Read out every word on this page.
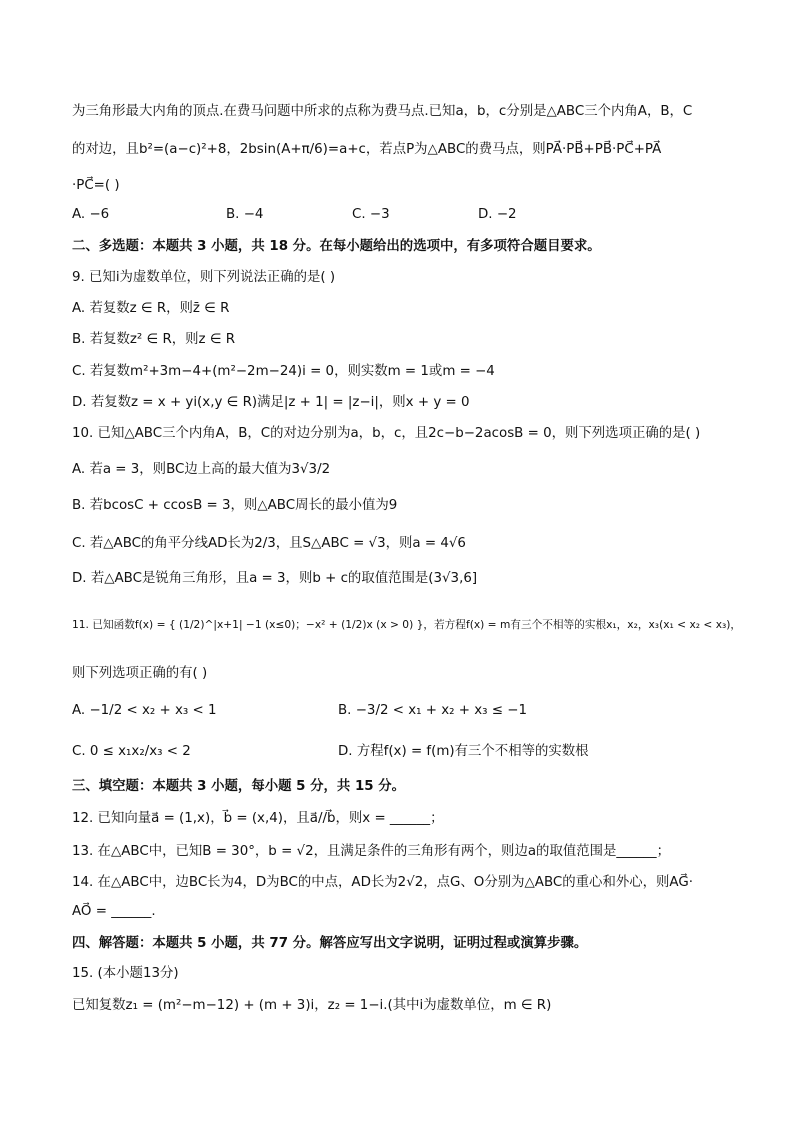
为三角形最大内角的顶点.在费马问题中所求的点称为费马点.已知a，b，c分别是△ABC三个内角A，B，C
的对边，且b²=(a−c)²+8，2bsin(A+π/6)=a+c，若点P为△ABC的费马点，则PA⃗·PB⃗+PB⃗·PC⃗+PA⃗
·PC⃗=( )
A. −6	B. −4	C. −3	D. −2
二、多选题：本题共 3 小题，共 18 分。在每小题给出的选项中，有多项符合题目要求。
9. 已知i为虚数单位，则下列说法正确的是( )
A. 若复数z ∈ R，则z̄ ∈ R
B. 若复数z² ∈ R，则z ∈ R
C. 若复数m²+3m−4+(m²−2m−24)i = 0，则实数m = 1或m = −4
D. 若复数z = x + yi(x,y ∈ R)满足|z + 1| = |z−i|，则x + y = 0
10. 已知△ABC三个内角A，B，C的对边分别为a，b，c，且2c−b−2acosB = 0，则下列选项正确的是( )
A. 若a = 3，则BC边上高的最大值为3√3/2
B. 若bcosC + ccosB = 3，则△ABC周长的最小值为9
C. 若△ABC的角平分线AD长为2/3，且S△ABC = √3，则a = 4√6
D. 若△ABC是锐角三角形，且a = 3，则b + c的取值范围是(3√3,6]
11. 已知函数f(x) = { (1/2)^|x+1| −1 (x≤0)；−x² + (1/2)x (x > 0) }，若方程f(x) = m有三个不相等的实根x₁，x₂，x₃(x₁ < x₂ < x₃)，
则下列选项正确的有( )
A. −1/2 < x₂ + x₃ < 1	B. −3/2 < x₁ + x₂ + x₃ ≤ −1
C. 0 ≤ x₁x₂/x₃ < 2	D. 方程f(x) = f(m)有三个不相等的实数根
三、填空题：本题共 3 小题，每小题 5 分，共 15 分。
12. 已知向量a⃗ = (1,x)，b⃗ = (x,4)，且a⃗//b⃗，则x = ______；
13. 在△ABC中，已知B = 30°，b = √2，且满足条件的三角形有两个，则边a的取值范围是______；
14. 在△ABC中，边BC长为4，D为BC的中点，AD长为2√2，点G、O分别为△ABC的重心和外心，则AG⃗·
AO⃗ = ______.
四、解答题：本题共 5 小题，共 77 分。解答应写出文字说明，证明过程或演算步骤。
15. (本小题13分)
已知复数z₁ = (m²−m−12) + (m + 3)i，z₂ = 1−i.(其中i为虚数单位，m ∈ R)
